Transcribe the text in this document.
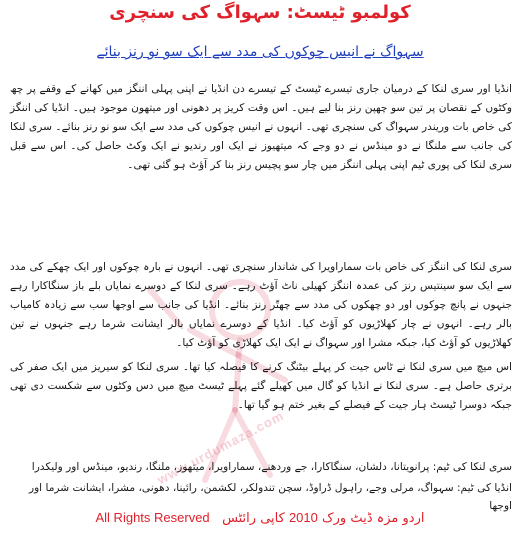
www.urdumaza.com
کولمبو ٹیسٹ: سہواگ کی سنچری
سہواگ نے انیس چوکوں کی مدد سے ایک سو نو رنز بنائے
انڈیا اور سری لنکا کے درمیان جاری تیسرے ٹیسٹ کے تیسرے دن انڈیا نے اپنی پہلی اننگز میں کھانے کے وقفے پر چھ وکٹوں کے نقصان پر تین سو چھپن رنز بنا لیے ہیں۔ اس وقت کریز پر دھونی اور میتھون موجود ہیں۔ انڈیا کی اننگز کی خاص بات وریندر سہواگ کی سنچری تھی۔ انہوں نے انیس چوکوں کی مدد سے ایک سو نو رنز بنائے۔ سری لنکا کی جانب سے ملنگا نے دو مینڈس نے دو وجے کہ میتھیوز نے ایک اور رندیو نے ایک وکٹ حاصل کی۔ اس سے قبل سری لنکا کی پوری ٹیم اپنی پہلی اننگز میں چار سو پچیس رنز بنا کر آؤٹ ہو گئی تھی۔
سری لنکا کی اننگز کی خاص بات سماراویرا کی شاندار سنچری تھی۔ انہوں نے بارہ چوکوں اور ایک چھکے کی مدد سے ایک سو سینتیس رنز کی عمدہ اننگز کھیلی ناٹ آؤٹ رہے۔ سری لنکا کے دوسرے نمایاں بلے باز سنگاکارا رہے جنہوں نے پانچ چوکوں اور دو چھکوں کی مدد سے چھتّر رنز بنائے۔ انڈیا کی جانب سے اوجھا سب سے زیادہ کامیاب بالر رہے۔ انہوں نے چار کھلاڑیوں کو آؤٹ کیا۔ انڈیا کے دوسرے نمایاں بالر ایشانت شرما رہے جنہوں نے تین کھلاڑیوں کو آؤٹ کیا، جبکہ مشرا اور سہواگ نے ایک ایک کھلاڑی کو آؤٹ کیا۔
اس میچ میں سری لنکا نے ٹاس جیت کر پہلے بیٹنگ کرنے کا فیصلہ کیا تھا۔ سری لنکا کو سیریز میں ایک صفر کی برتری حاصل ہے۔ سری لنکا نے انڈیا کو گال میں کھیلے گئے پہلے ٹیسٹ میچ میں دس وکٹوں سے شکست دی تھی جبکہ دوسرا ٹیسٹ ہار جیت کے فیصلے کے بغیر ختم ہو گیا تھا۔
سری لنکا کی ٹیم: پرانویتانا، دلشان، سنگاکارا، جے وردھنے، سماراویرا، میتھوز، ملنگا، رندیو، مینڈس اور ولیکدرا
انڈیا کی ٹیم: سہواگ، مرلی وجے، راہول ڈراوڈ، سچن تندولکر، لکشمن، رائینا، دھونی، مشرا، ایشانت شرما اور اوجھا
All Rights Reserved	اردو مزہ ڈیٹ ورک 2010 کاپی رائٹس
